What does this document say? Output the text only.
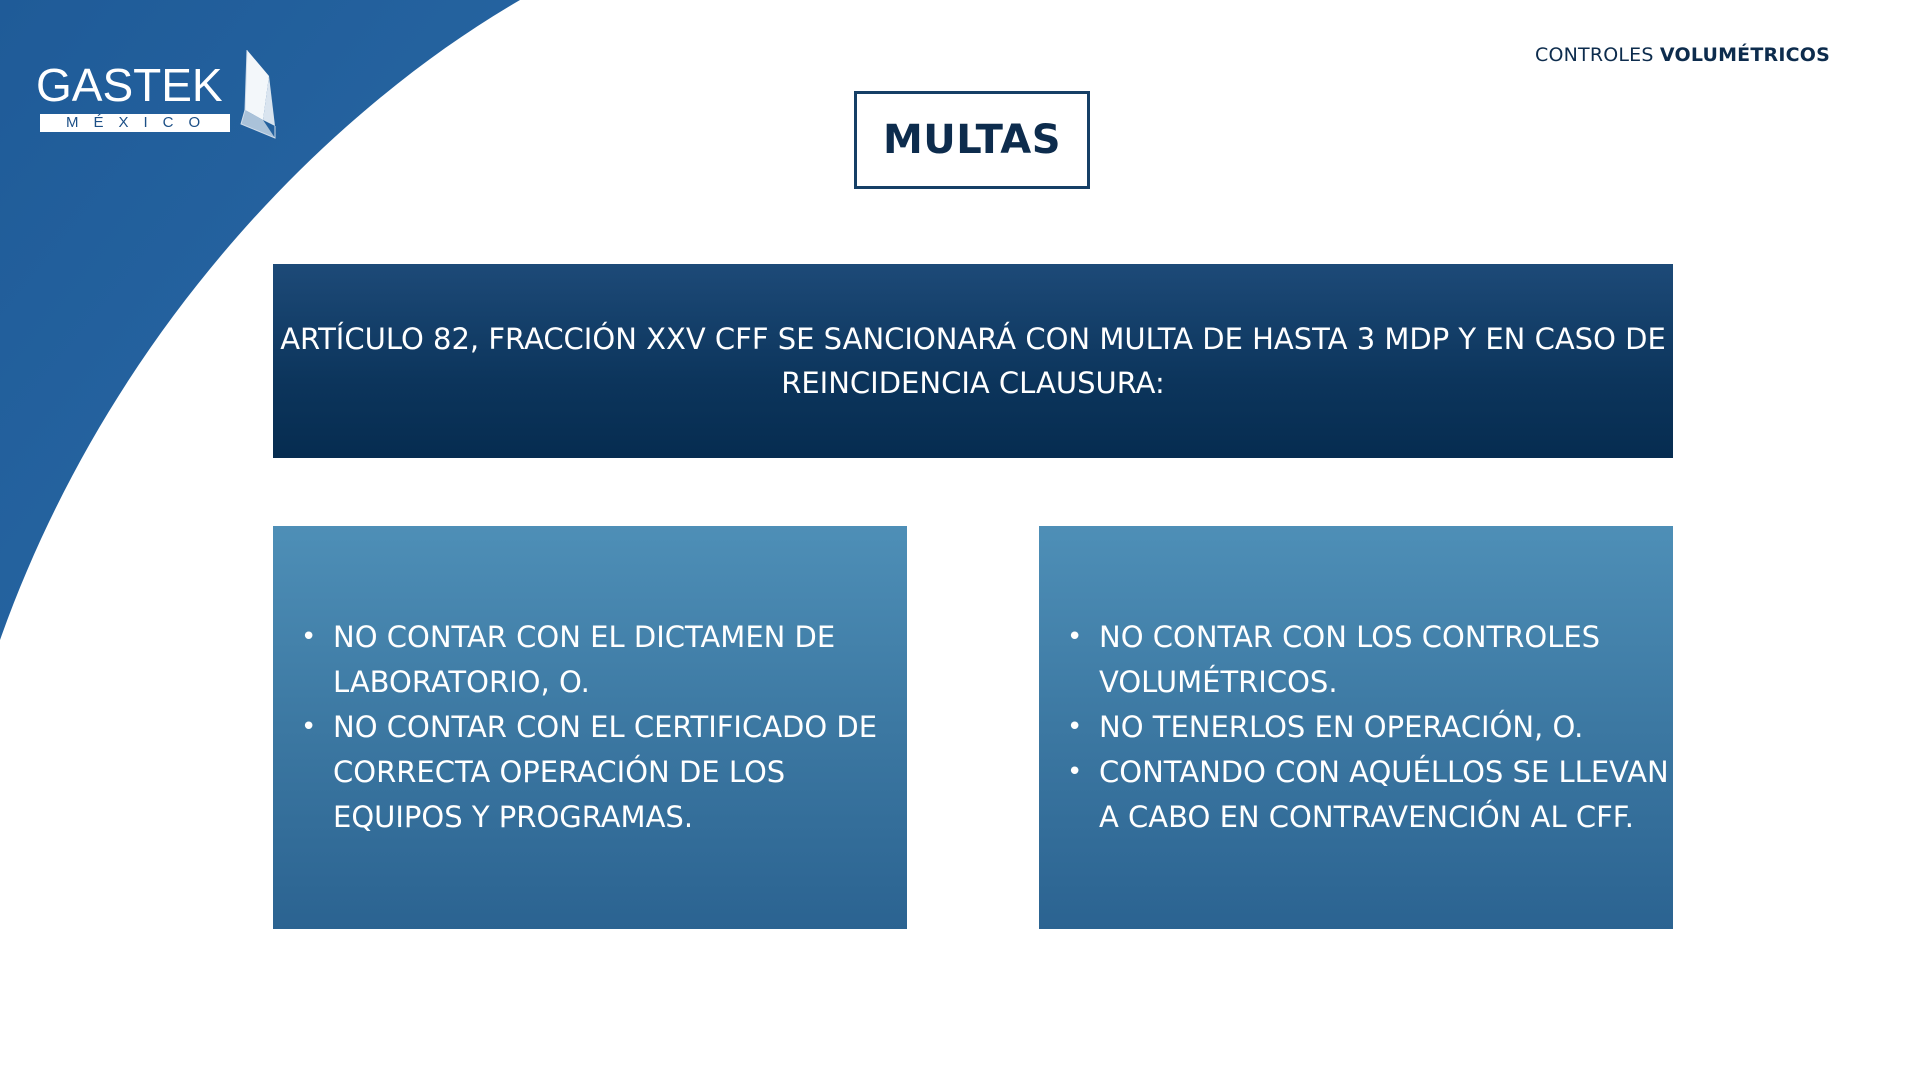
GASTEK
MÉXICO
CONTROLES VOLUMÉTRICOS
MULTAS
ARTÍCULO 82, FRACCIÓN XXV CFF SE SANCIONARÁ CON MULTA DE HASTA 3 MDP Y EN CASO DE REINCIDENCIA CLAUSURA:
• NO CONTAR CON EL DICTAMEN DE LABORATORIO, O.
• NO CONTAR CON EL CERTIFICADO DE CORRECTA OPERACIÓN DE LOS EQUIPOS Y PROGRAMAS.
• NO CONTAR CON LOS CONTROLES VOLUMÉTRICOS.
• NO TENERLOS EN OPERACIÓN, O.
• CONTANDO CON AQUÉLLOS SE LLEVAN A CABO EN CONTRAVENCIÓN AL CFF.
